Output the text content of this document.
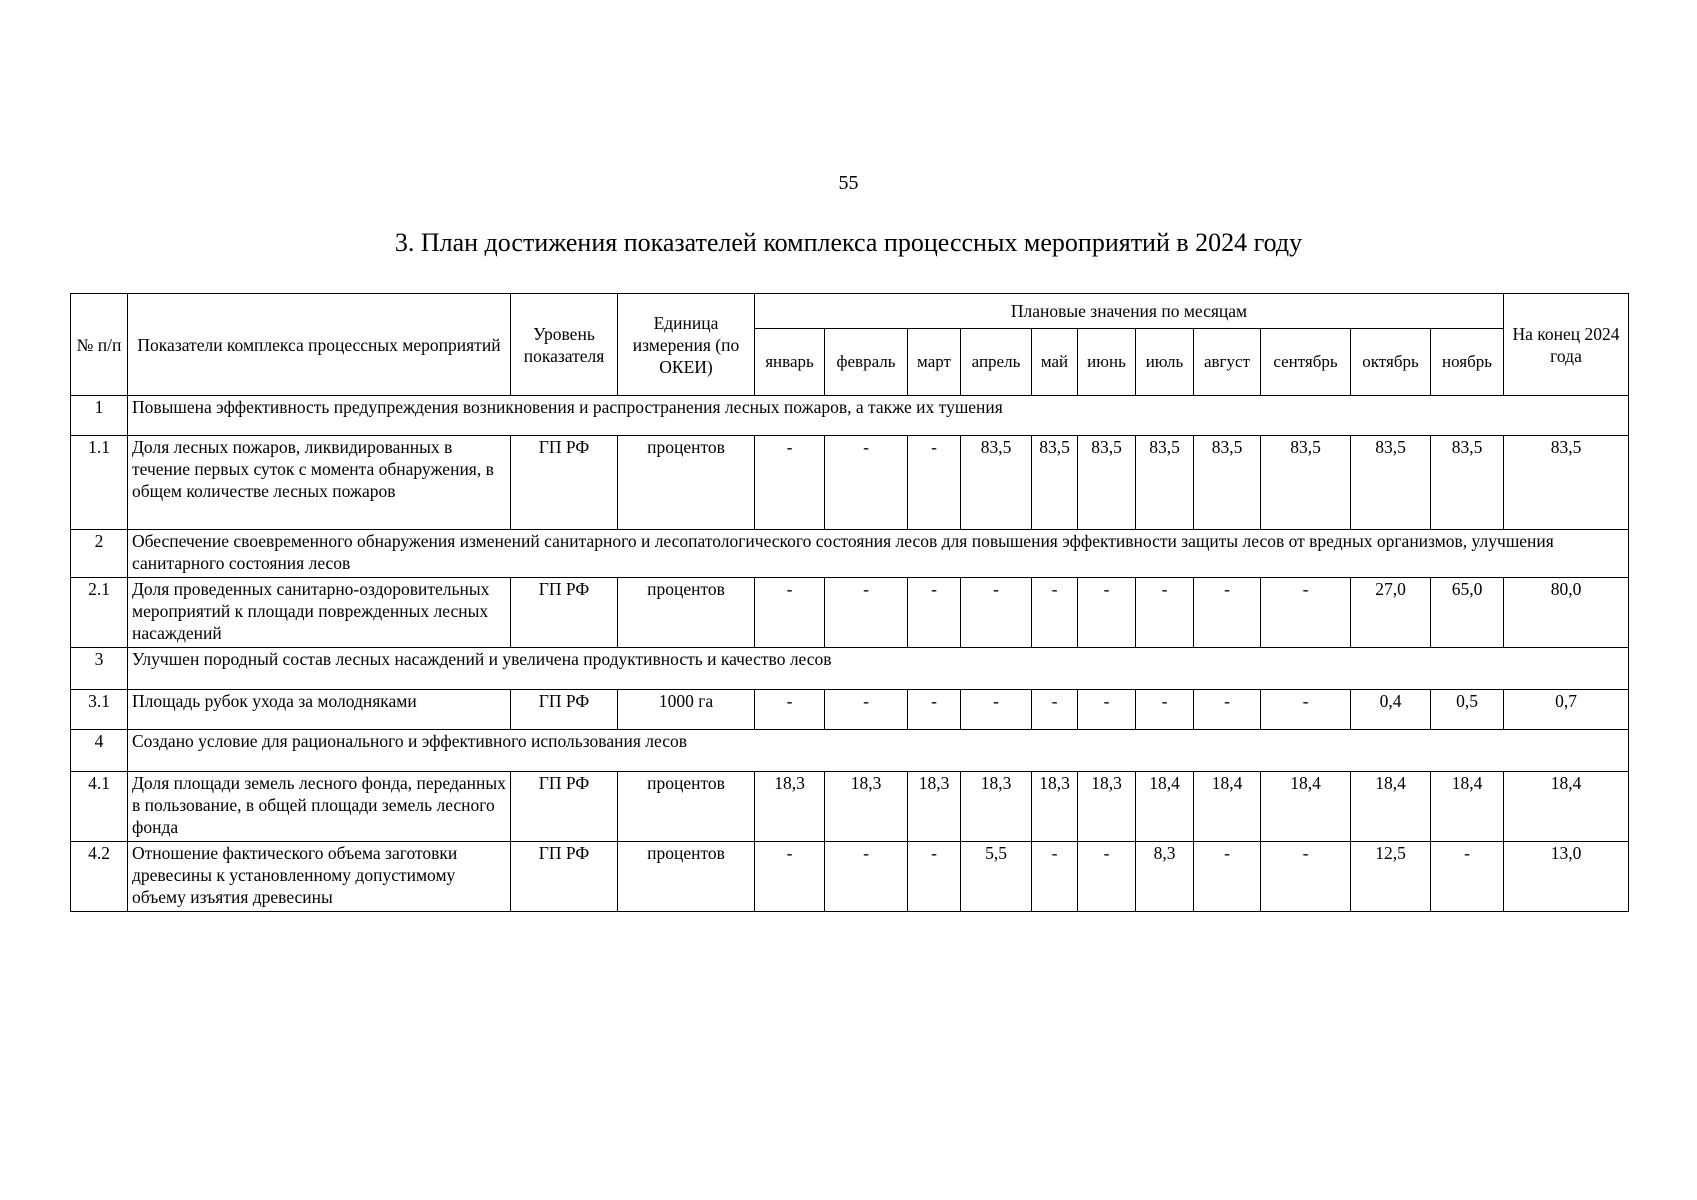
55
3. План достижения показателей комплекса процессных мероприятий в 2024 году
№ п/п	Показатели комплекса процессных мероприятий	Уровень показателя	Единица измерения (по ОКЕИ)	Плановые значения по месяцам											На конец 2024 года
				январь	февраль	март	апрель	май	июнь	июль	август	сентябрь	октябрь	ноябрь	
1	Повышена эффективность предупреждения возникновения и распространения лесных пожаров, а также их тушения														
1.1	Доля лесных пожаров, ликвидированных в течение первых суток с момента обнаружения, в общем количестве лесных пожаров	ГП РФ	процентов	-	-	-	83,5	83,5	83,5	83,5	83,5	83,5	83,5	83,5	83,5
2	Обеспечение своевременного обнаружения изменений санитарного и лесопатологического состояния лесов для повышения эффективности защиты лесов от вредных организмов, улучшения санитарного состояния лесов														
2.1	Доля проведенных санитарно-оздоровительных мероприятий к площади поврежденных лесных насаждений	ГП РФ	процентов	-	-	-	-	-	-	-	-	-	27,0	65,0	80,0
3	Улучшен породный состав лесных насаждений и увеличена продуктивность и качество лесов														
3.1	Площадь рубок ухода за молодняками	ГП РФ	1000 га	-	-	-	-	-	-	-	-	-	0,4	0,5	0,7
4	Создано условие для рационального и эффективного использования лесов														
4.1	Доля площади земель лесного фонда, переданных в пользование, в общей площади земель лесного фонда	ГП РФ	процентов	18,3	18,3	18,3	18,3	18,3	18,3	18,4	18,4	18,4	18,4	18,4	18,4
4.2	Отношение фактического объема заготовки древесины к установленному допустимому объему изъятия древесины	ГП РФ	процентов	-	-	-	5,5	-	-	8,3	-	-	12,5	-	13,0
